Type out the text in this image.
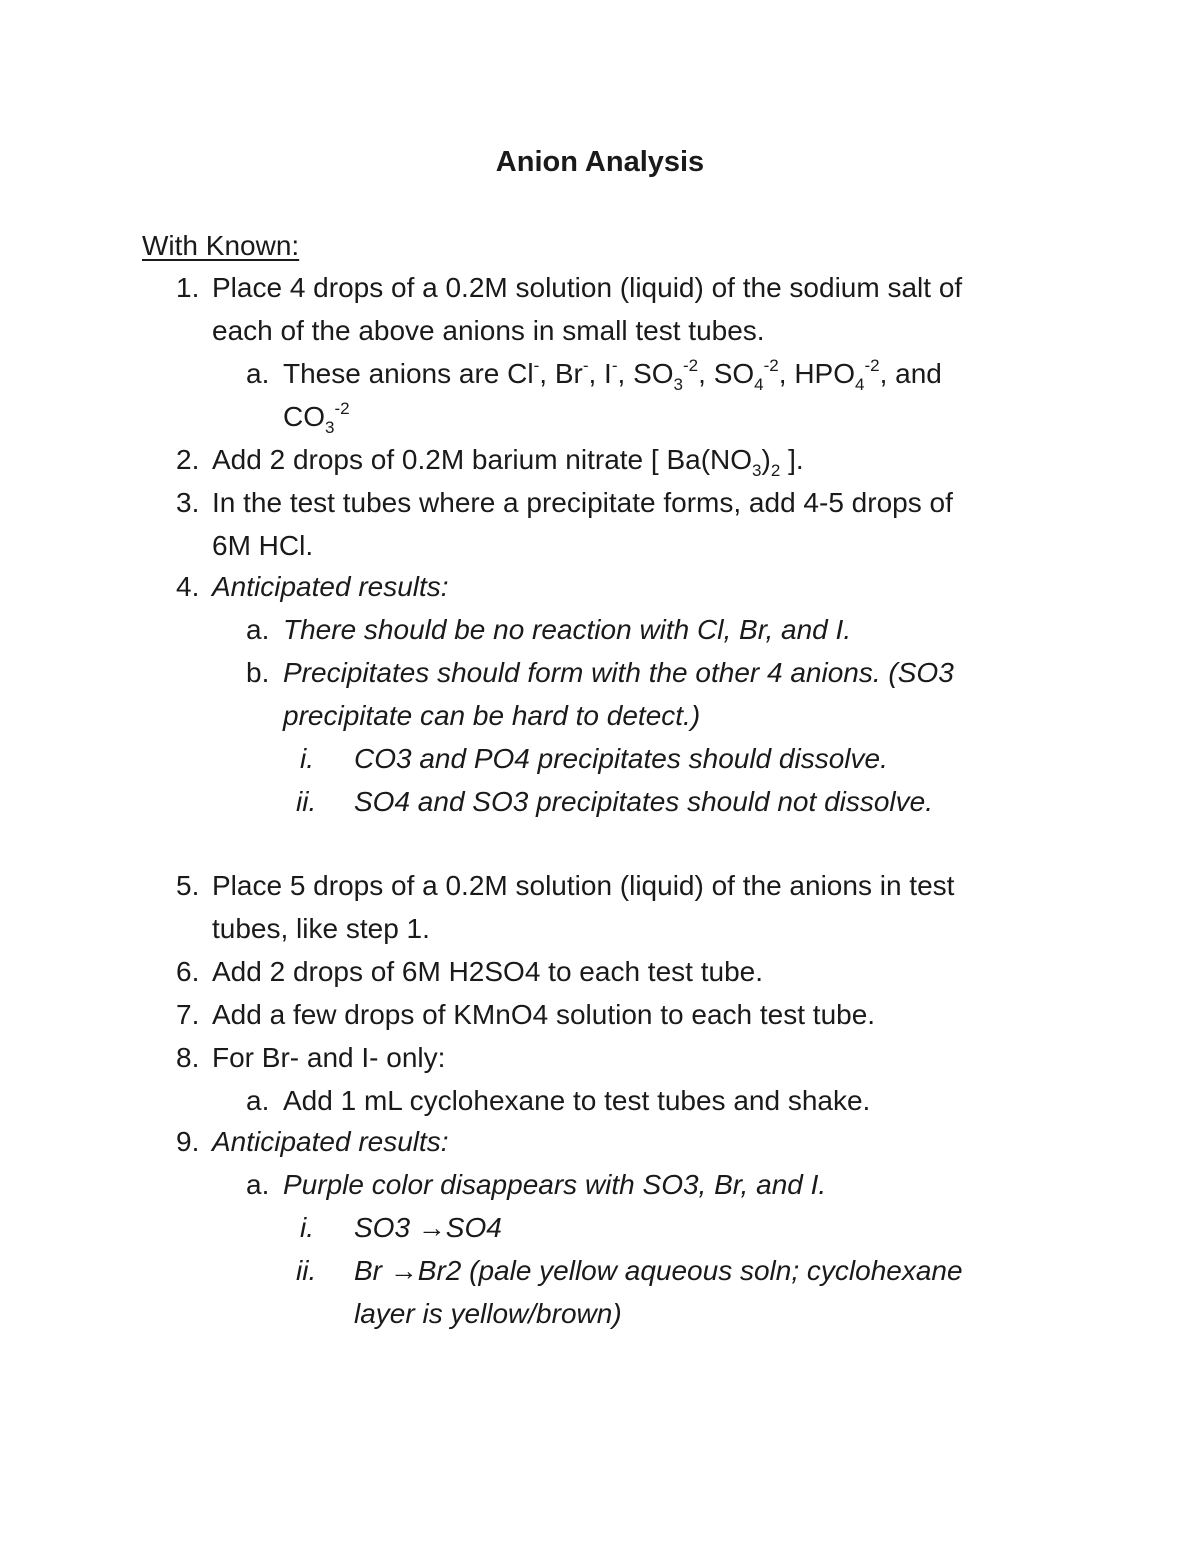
Anion Analysis
With Known:
1. Place 4 drops of a 0.2M solution (liquid) of the sodium salt of
each of the above anions in small test tubes.
a. These anions are Cl-, Br-, I-, $SO_3^{-2}$, $SO_4^{-2}$, $HPO_4^{-2}$, and
$CO_3^{-2}$
2. Add 2 drops of 0.2M barium nitrate [ $Ba(NO_3)_2$ ].
3. In the test tubes where a precipitate forms, add 4-5 drops of
6M HCl.
4. Anticipated results:
a. There should be no reaction with Cl, Br, and I.
b. Precipitates should form with the other 4 anions. (SO3
precipitate can be hard to detect.)
i. CO3 and PO4 precipitates should dissolve.
ii. SO4 and SO3 precipitates should not dissolve.
5. Place 5 drops of a 0.2M solution (liquid) of the anions in test
tubes, like step 1.
6. Add 2 drops of 6M H2SO4 to each test tube.
7. Add a few drops of KMnO4 solution to each test tube.
8. For Br- and I- only:
a. Add 1 mL cyclohexane to test tubes and shake.
9. Anticipated results:
a. Purple color disappears with SO3, Br, and I.
i. SO3 →SO4
ii. Br →Br2 (pale yellow aqueous soln; cyclohexane
layer is yellow/brown)
